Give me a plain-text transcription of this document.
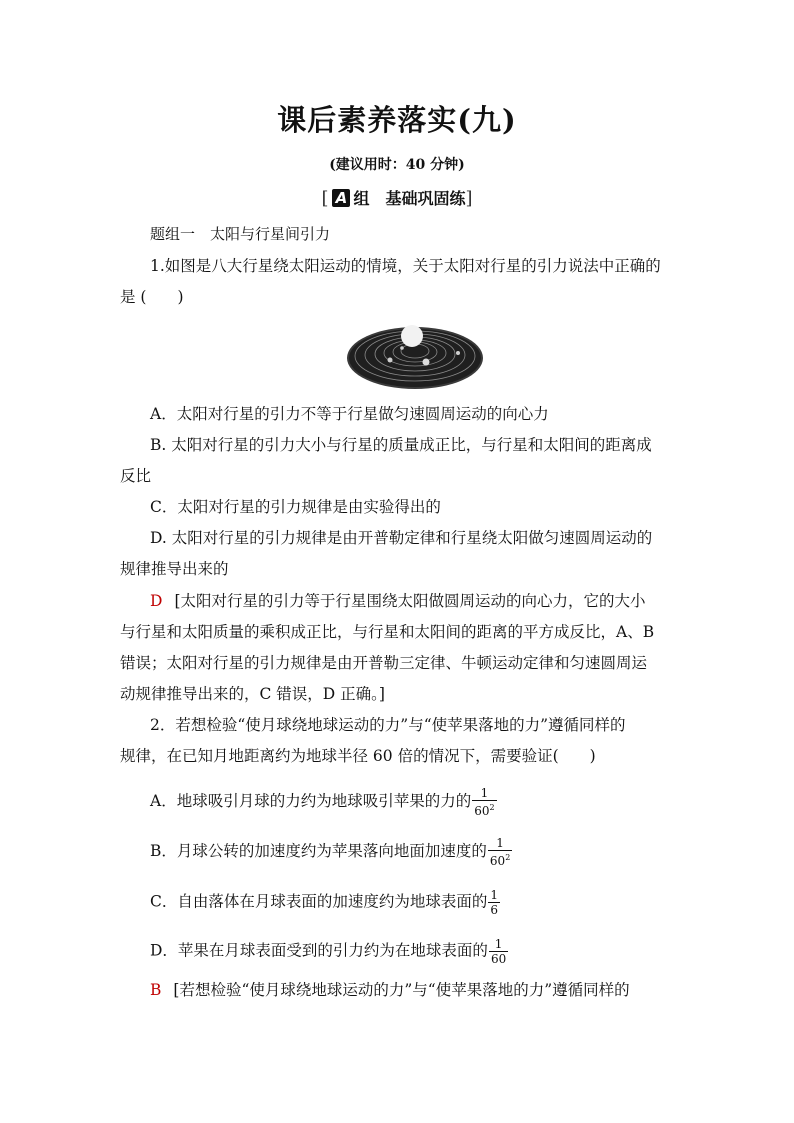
课后素养落实(九)
(建议用时：40 分钟)
[ A 组　 基础巩固练]
题组一　太阳与行星间引力
1.如图是八大行星绕太阳运动的情境，关于太阳对行星的引力说法中正确的
是 (　　)
A．太阳对行星的引力不等于行星做匀速圆周运动的向心力
B. 太阳对行星的引力大小与行星的质量成正比，与行星和太阳间的距离成
反比
C．太阳对行星的引力规律是由实验得出的
D. 太阳对行星的引力规律是由开普勒定律和行星绕太阳做匀速圆周运动的
规律推导出来的
D [太阳对行星的引力等于行星围绕太阳做圆周运动的向心力，它的大小
与行星和太阳质量的乘积成正比，与行星和太阳间的距离的平方成反比，A、B
错误；太阳对行星的引力规律是由开普勒三定律、牛顿运动定律和匀速圆周运
动规律推导出来的，C 错误，D 正确。]
2．若想检验“使月球绕地球运动的力”与“使苹果落地的力”遵循同样的
规律，在已知月地距离约为地球半径 60 倍的情况下，需要验证(　　)
A．地球吸引月球的力约为地球吸引苹果的力的 $\frac{1}{60^2}$
B．月球公转的加速度约为苹果落向地面加速度的 $\frac{1}{60^2}$
C．自由落体在月球表面的加速度约为地球表面的 $\frac{1}{6}$
D．苹果在月球表面受到的引力约为在地球表面的 $\frac{1}{60}$
B [若想检验“使月球绕地球运动的力”与“使苹果落地的力”遵循同样的
